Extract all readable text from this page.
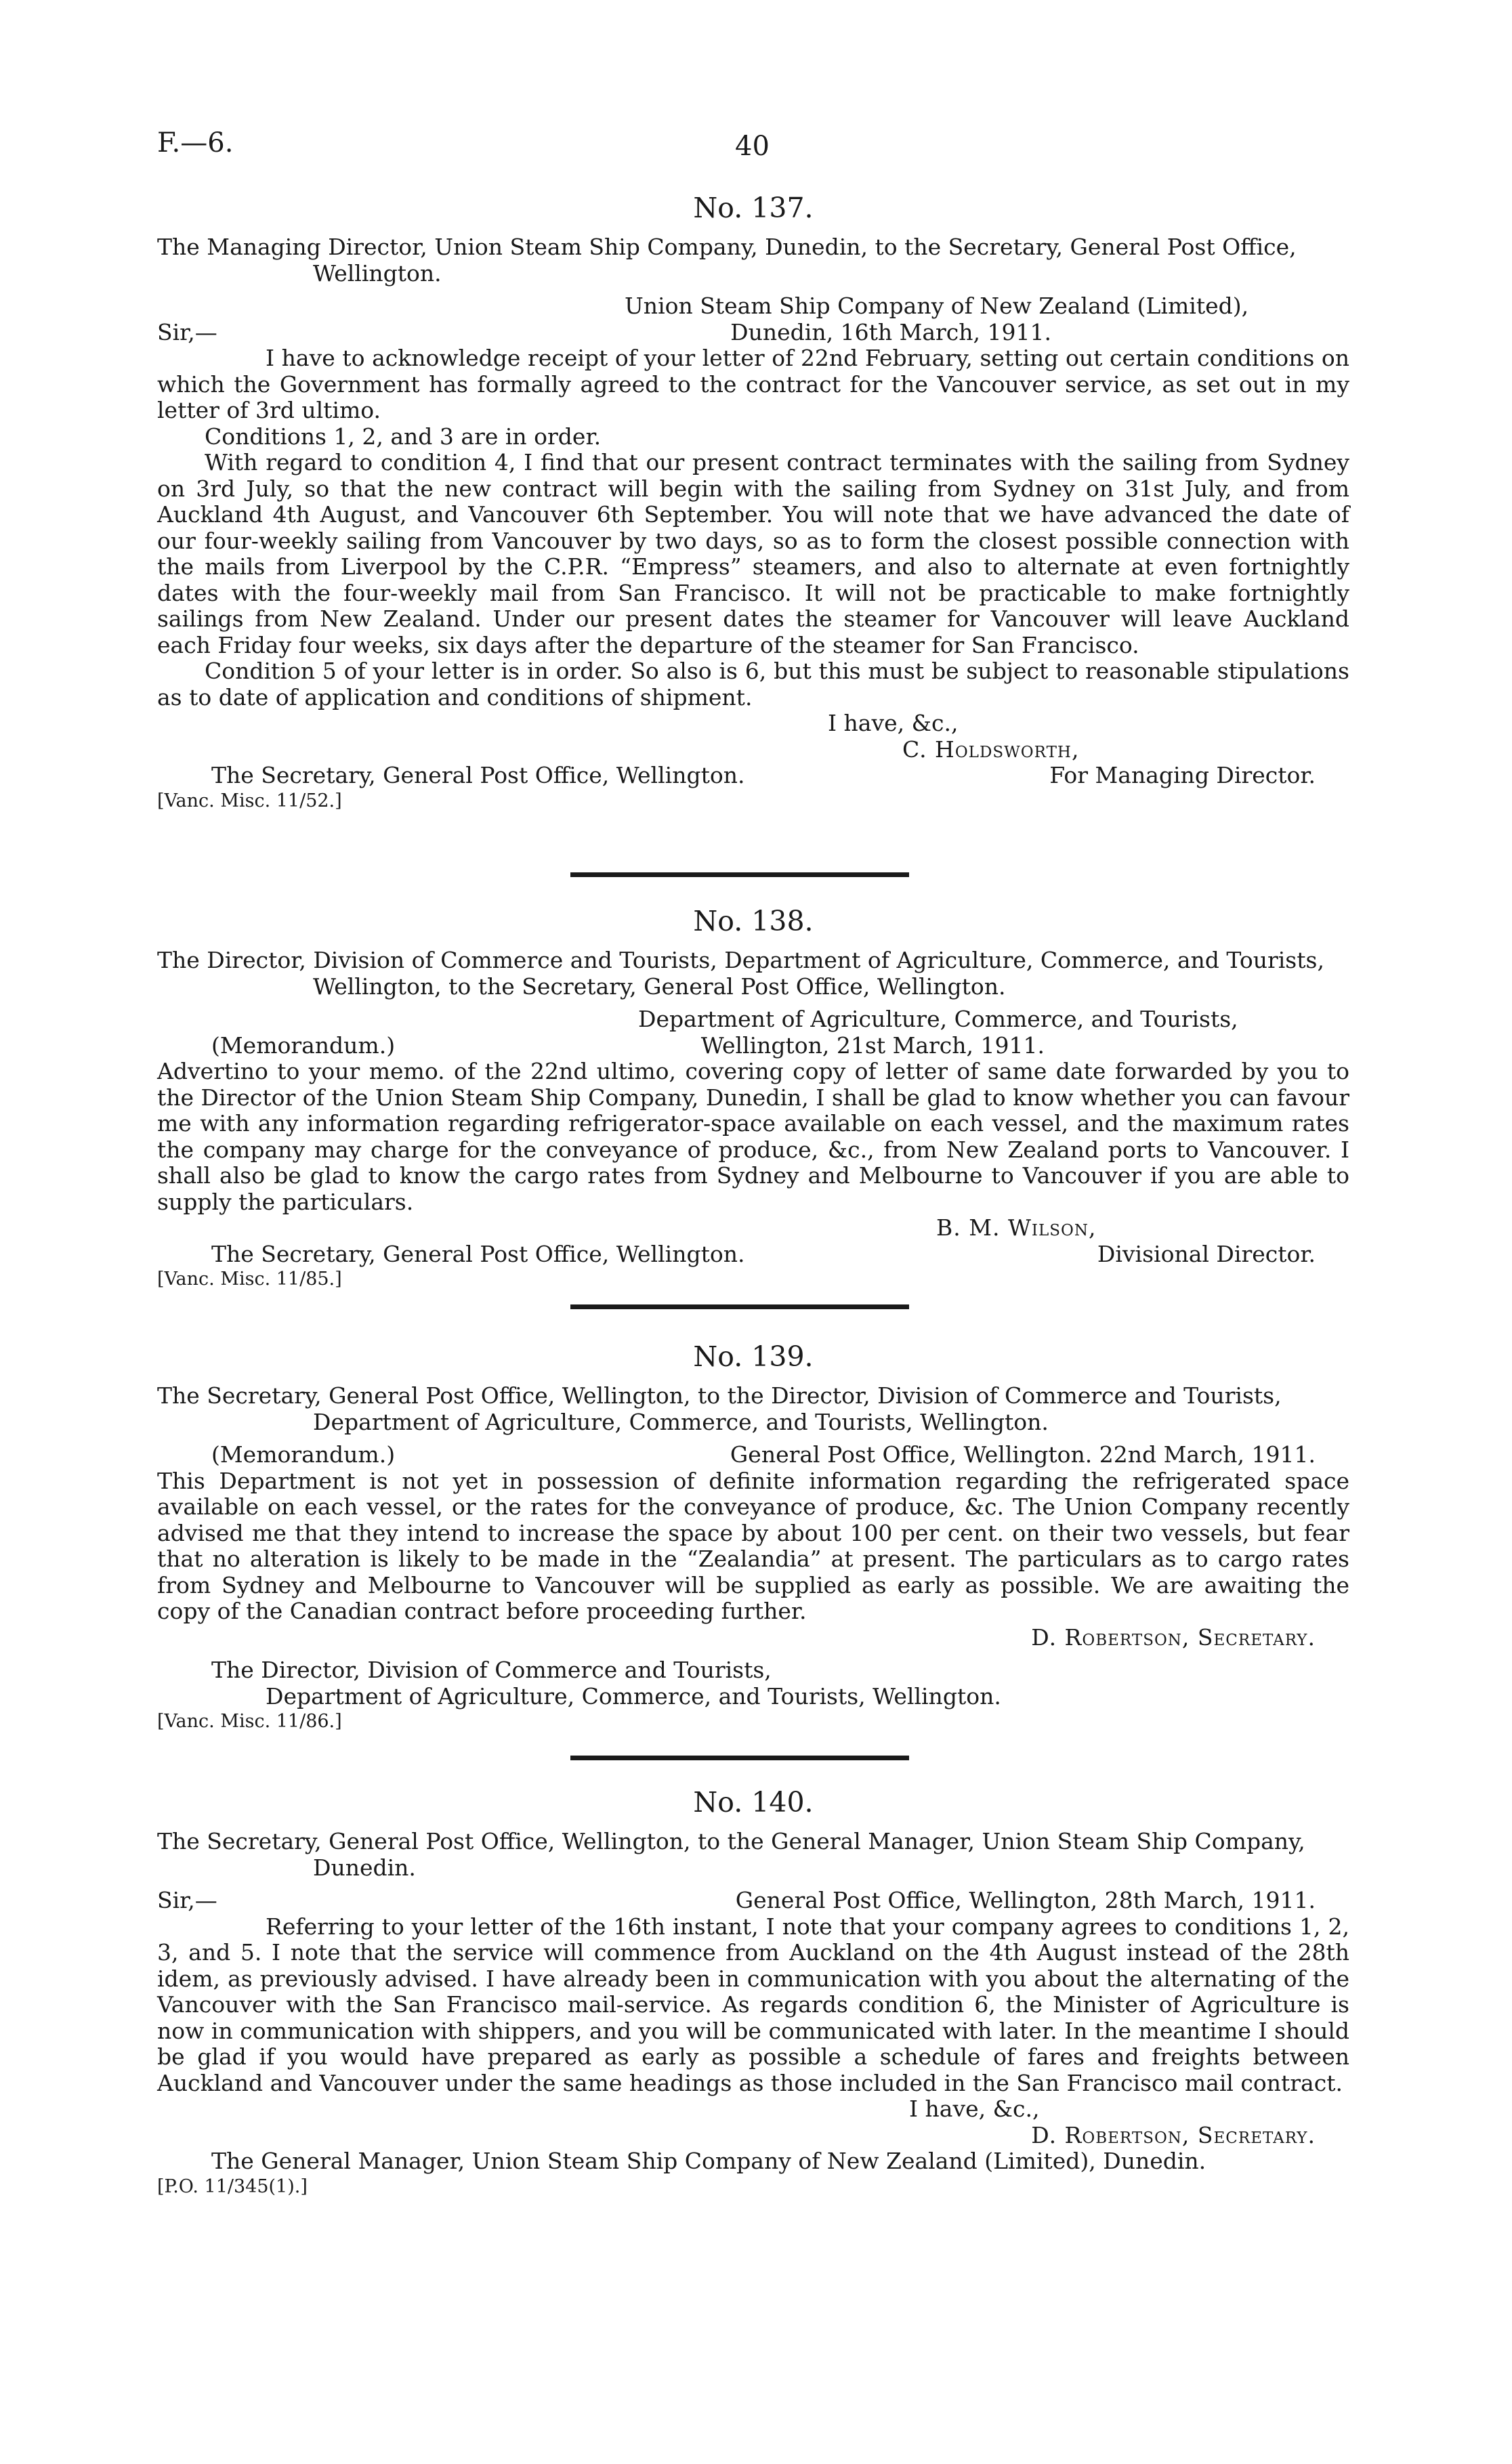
F.—6.	40

No. 137.

The Managing Director, Union Steam Ship Company, Dunedin, to the Secretary, General Post Office, Wellington.

Union Steam Ship Company of New Zealand (Limited),

Sir,—	Dunedin, 16th March, 1911.

I have to acknowledge receipt of your letter of 22nd February, setting out certain conditions on which the Government has formally agreed to the contract for the Vancouver service, as set out in my letter of 3rd ultimo.

Conditions 1, 2, and 3 are in order.

With regard to condition 4, I find that our present contract terminates with the sailing from Sydney on 3rd July, so that the new contract will begin with the sailing from Sydney on 31st July, and from Auckland 4th August, and Vancouver 6th September. You will note that we have advanced the date of our four-weekly sailing from Vancouver by two days, so as to form the closest possible connection with the mails from Liverpool by the C.P.R. “Empress” steamers, and also to alternate at even fortnightly dates with the four-weekly mail from San Francisco. It will not be practicable to make fortnightly sailings from New Zealand. Under our present dates the steamer for Vancouver will leave Auckland each Friday four weeks, six days after the departure of the steamer for San Francisco.

Condition 5 of your letter is in order. So also is 6, but this must be subject to reasonable stipulations as to date of application and conditions of shipment.

I have, &c.,

C. Holdsworth,

The Secretary, General Post Office, Wellington.	For Managing Director.

[Vanc. Misc. 11/52.]

No. 138.

The Director, Division of Commerce and Tourists, Department of Agriculture, Commerce, and Tourists, Wellington, to the Secretary, General Post Office, Wellington.

Department of Agriculture, Commerce, and Tourists,

(Memorandum.)	Wellington, 21st March, 1911.

Advertino to your memo. of the 22nd ultimo, covering copy of letter of same date forwarded by you to the Director of the Union Steam Ship Company, Dunedin, I shall be glad to know whether you can favour me with any information regarding refrigerator-space available on each vessel, and the maximum rates the company may charge for the conveyance of produce, &c., from New Zealand ports to Vancouver. I shall also be glad to know the cargo rates from Sydney and Melbourne to Vancouver if you are able to supply the particulars.

B. M. Wilson,

The Secretary, General Post Office, Wellington.	Divisional Director.

[Vanc. Misc. 11/85.]

No. 139.

The Secretary, General Post Office, Wellington, to the Director, Division of Commerce and Tourists, Department of Agriculture, Commerce, and Tourists, Wellington.

(Memorandum.)	General Post Office, Wellington. 22nd March, 1911.

This Department is not yet in possession of definite information regarding the refrigerated space available on each vessel, or the rates for the conveyance of produce, &c. The Union Company recently advised me that they intend to increase the space by about 100 per cent. on their two vessels, but fear that no alteration is likely to be made in the “Zealandia” at present. The particulars as to cargo rates from Sydney and Melbourne to Vancouver will be supplied as early as possible. We are awaiting the copy of the Canadian contract before proceeding further.

D. Robertson, Secretary.

The Director, Division of Commerce and Tourists,

Department of Agriculture, Commerce, and Tourists, Wellington.

[Vanc. Misc. 11/86.]

No. 140.

The Secretary, General Post Office, Wellington, to the General Manager, Union Steam Ship Company, Dunedin.

Sir,—	General Post Office, Wellington, 28th March, 1911.

Referring to your letter of the 16th instant, I note that your company agrees to conditions 1, 2, 3, and 5. I note that the service will commence from Auckland on the 4th August instead of the 28th idem, as previously advised. I have already been in communication with you about the alternating of the Vancouver with the San Francisco mail-service. As regards condition 6, the Minister of Agriculture is now in communication with shippers, and you will be communicated with later. In the meantime I should be glad if you would have prepared as early as possible a schedule of fares and freights between Auckland and Vancouver under the same headings as those included in the San Francisco mail contract.

I have, &c.,

D. Robertson, Secretary.

The General Manager, Union Steam Ship Company of New Zealand (Limited), Dunedin.

[P.O. 11/345(1).]
